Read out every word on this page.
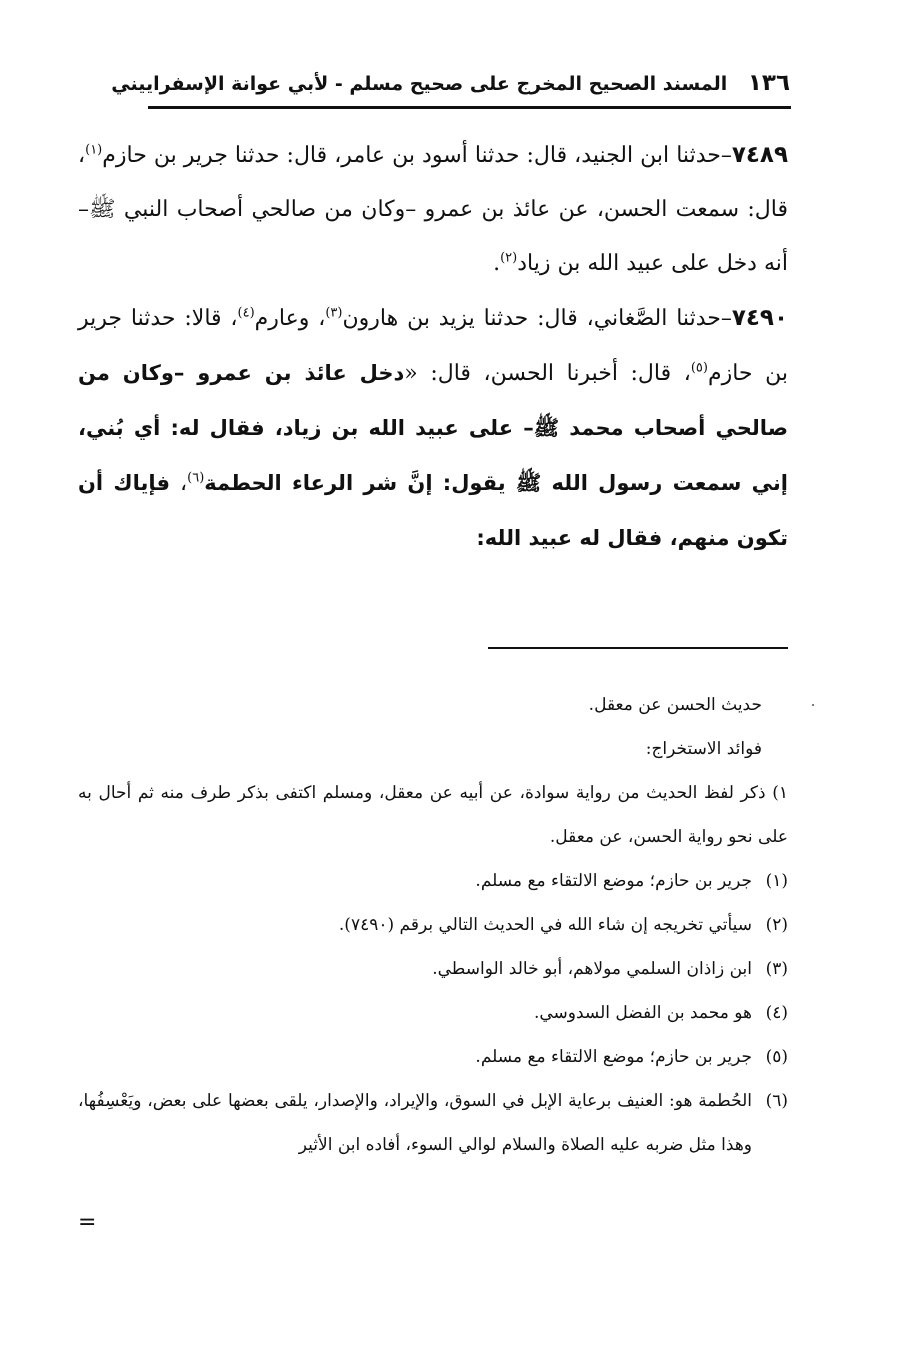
١٣٦ المسند الصحيح المخرج على صحيح مسلم - لأبي عوانة الإسفراييني

٧٤٨٩–حدثنا ابن الجنيد، قال: حدثنا أسود بن عامر، قال: حدثنا جرير بن حازم$^{(١)}$، قال: سمعت الحسن، عن عائذ بن عمرو –وكان من صالحي أصحاب النبي ﷺ– أنه دخل على عبيد الله بن زياد$^{(٢)}$.

٧٤٩٠–حدثنا الصَّغاني، قال: حدثنا يزيد بن هارون$^{(٣)}$، وعارم$^{(٤)}$، قالا: حدثنا جرير بن حازم$^{(٥)}$، قال: أخبرنا الحسن، قال: «دخل عائذ بن عمرو –وكان من صالحي أصحاب محمد ﷺ– على عبيد الله بن زياد، فقال له: أي بُني، إني سمعت رسول الله ﷺ يقول: إنَّ شر الرعاء الحطمة$^{(٦)}$، فإياك أن تكون منهم، فقال له عبيد الله:

حديث الحسن عن معقل.

فوائد الاستخراج:

١) ذكر لفظ الحديث من رواية سوادة، عن أبيه عن معقل، ومسلم اكتفى بذكر طرف منه ثم أحال به على نحو رواية الحسن، عن معقل.

(١)
جرير بن حازم؛ موضع الالتقاء مع مسلم.
(٢)
سيأتي تخريجه إن شاء الله في الحديث التالي برقم (٧٤٩٠).
(٣)
ابن زاذان السلمي مولاهم، أبو خالد الواسطي.
(٤)
هو محمد بن الفضل السدوسي.
(٥)
جرير بن حازم؛ موضع الالتقاء مع مسلم.
(٦)
الحُطمة هو: العنيف برعاية الإبل في السوق، والإيراد، والإصدار، يلقى بعضها على بعض، ويَعْسِفُها، وهذا مثل ضربه عليه الصلاة والسلام لوالي السوء، أفاده ابن الأثير
=
